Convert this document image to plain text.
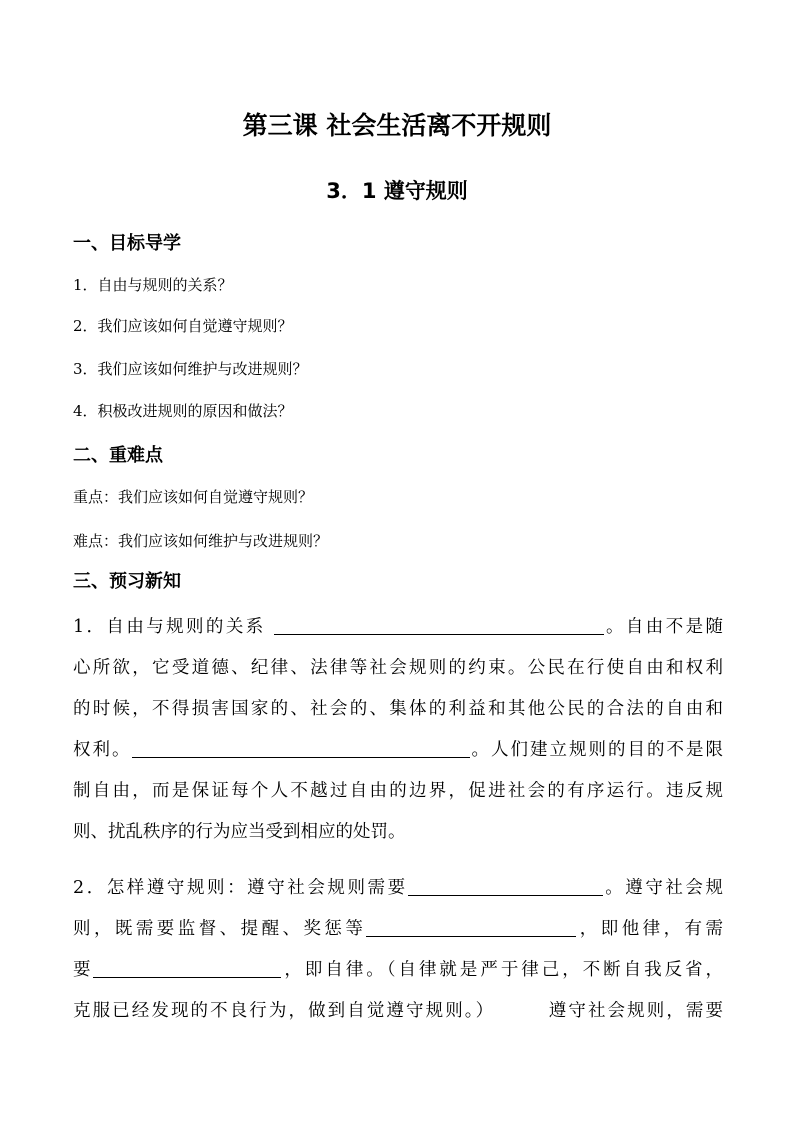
第三课 社会生活离不开规则
3．1 遵守规则
一、目标导学
1．自由与规则的关系？
2．我们应该如何自觉遵守规则？
3．我们应该如何维护与改进规则？
4．积极改进规则的原因和做法？
二、重难点
重点：我们应该如何自觉遵守规则？
难点：我们应该如何维护与改进规则？
三、预习新知
1．自由与规则的关系	。自由不是随
心所欲，它受道德、纪律、法律等社会规则的约束。公民在行使自由和权利
的时候，不得损害国家的、社会的、集体的利益和其他公民的合法的自由和
权利。	。人们建立规则的目的不是限
制自由，而是保证每个人不越过自由的边界，促进社会的有序运行。违反规
则、扰乱秩序的行为应当受到相应的处罚。
2．怎样遵守规则：遵守社会规则需要	。遵守社会规
则，既需要监督、提醒、奖惩等	，即他律，有需
要	，即自律。（自律就是严于律己，不断自我反省，
克服已经发现的不良行为，做到自觉遵守规则。）       遵守社会规则，需要
